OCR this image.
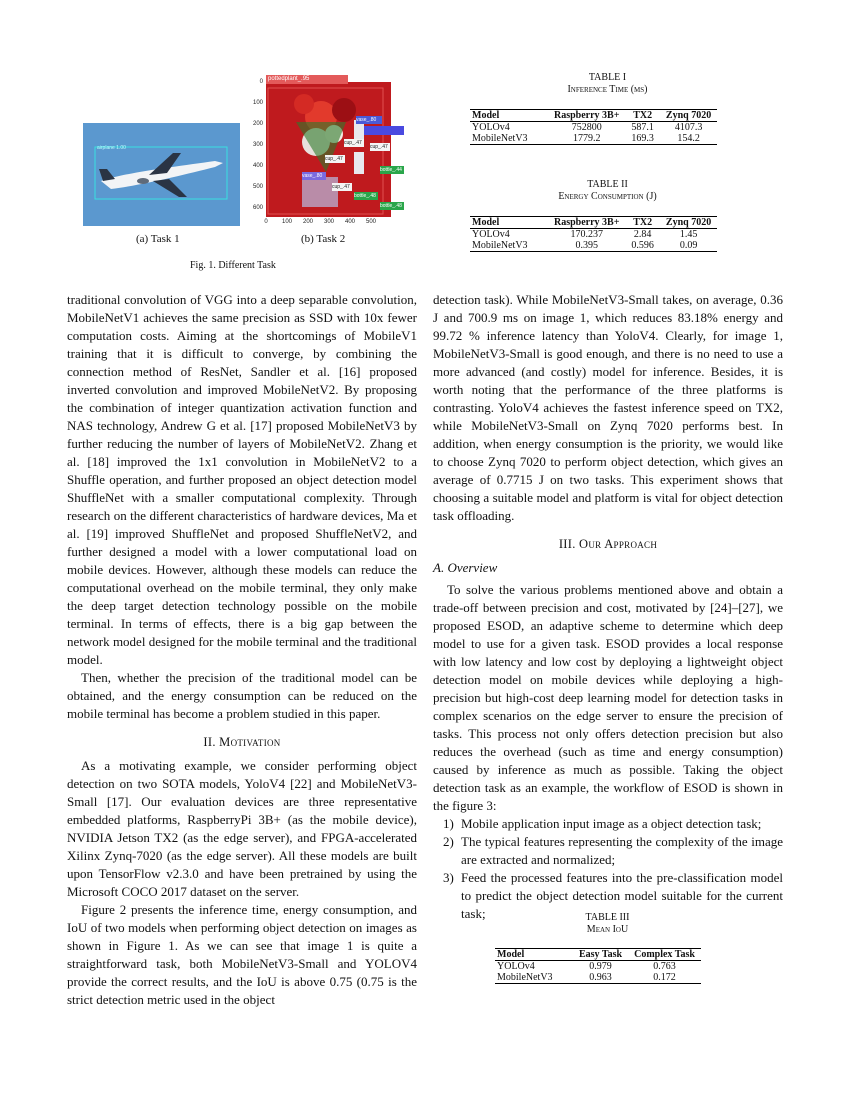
airplane 1.00
pottedplant_.95
vase_.80
cup_.47
cup_.47
cup_.47
vase_.80
cup_.47
bottle_.44
bottle_.48
bottle_.48
0
100
200
300
400
500
600
0	100	200	300	400	500
(a) Task 1	(b) Task 2
Fig. 1. Different Task
TABLE I
Inference Time (ms)
Model	Raspberry 3B+	TX2	Zynq 7020
YOLOv4	752800	587.1	4107.3
MobileNetV3	1779.2	169.3	154.2
TABLE II
Energy Consumption (J)
Model	Raspberry 3B+	TX2	Zynq 7020
YOLOv4	170.237	2.84	1.45
MobileNetV3	0.395	0.596	0.09

traditional convolution of VGG into a deep separable convolution, MobileNetV1 achieves the same precision as SSD with 10x fewer computation costs. Aiming at the shortcomings of MobileV1 training that it is difficult to converge, by combining the connection method of ResNet, Sandler et al. [16] proposed inverted convolution and improved MobileNetV2. By proposing the combination of integer quantization activation function and NAS technology, Andrew G et al. [17] proposed MobileNetV3 by further reducing the number of layers of MobileNetV2. Zhang et al. [18] improved the 1x1 convolution in MobileNetV2 to a Shuffle operation, and further proposed an object detection model ShuffleNet with a smaller computational complexity. Through research on the different characteristics of hardware devices, Ma et al. [19] improved ShuffleNet and proposed ShuffleNetV2, and further designed a model with a lower computational load on mobile devices. However, although these models can reduce the computational overhead on the mobile terminal, they only make the deep target detection technology possible on the mobile terminal. In terms of effects, there is a big gap between the network model designed for the mobile terminal and the traditional model.

Then, whether the precision of the traditional model can be obtained, and the energy consumption can be reduced on the mobile terminal has become a problem studied in this paper.

II. Motivation

As a motivating example, we consider performing object detection on two SOTA models, YoloV4 [22] and MobileNetV3-Small [17]. Our evaluation devices are three representative embedded platforms, RaspberryPi 3B+ (as the mobile device), NVIDIA Jetson TX2 (as the edge server), and FPGA-accelerated Xilinx Zynq-7020 (as the edge server). All these models are built upon TensorFlow v2.3.0 and have been pretrained by using the Microsoft COCO 2017 dataset on the server.

Figure 2 presents the inference time, energy consumption, and IoU of two models when performing object detection on images as shown in Figure 1. As we can see that image 1 is quite a straightforward task, both MobileNetV3-Small and YOLOV4 provide the correct results, and the IoU is above 0.75 (0.75 is the strict detection metric used in the object

detection task). While MobileNetV3-Small takes, on average, 0.36 J and 700.9 ms on image 1, which reduces 83.18% energy and 99.72 % inference latency than YoloV4. Clearly, for image 1, MobileNetV3-Small is good enough, and there is no need to use a more advanced (and costly) model for inference. Besides, it is worth noting that the performance of the three platforms is contrasting. YoloV4 achieves the fastest inference speed on TX2, while MobileNetV3-Small on Zynq 7020 performs best. In addition, when energy consumption is the priority, we would like to choose Zynq 7020 to perform object detection, which gives an average of 0.7715 J on two tasks. This experiment shows that choosing a suitable model and platform is vital for object detection task offloading.

III. Our Approach
A. Overview

To solve the various problems mentioned above and obtain a trade-off between precision and cost, motivated by [24]–[27], we proposed ESOD, an adaptive scheme to determine which deep model to use for a given task. ESOD provides a local response with low latency and low cost by deploying a lightweight object detection model on mobile devices while deploying a high-precision but high-cost deep learning model for detection tasks in complex scenarios on the edge server to ensure the precision of tasks. This process not only offers detection precision but also reduces the overhead (such as time and energy consumption) caused by inference as much as possible. Taking the object detection task as an example, the workflow of ESOD is shown in the figure 3:

1) Mobile application input image as a object detection task;
2) The typical features representing the complexity of the image are extracted and normalized;
3) Feed the processed features into the pre-classification model to predict the object detection model suitable for the current task;	TABLE III
Mean IoU
Model	Easy Task	Complex Task
YOLOv4	0.979	0.763
MobileNetV3	0.963	0.172
